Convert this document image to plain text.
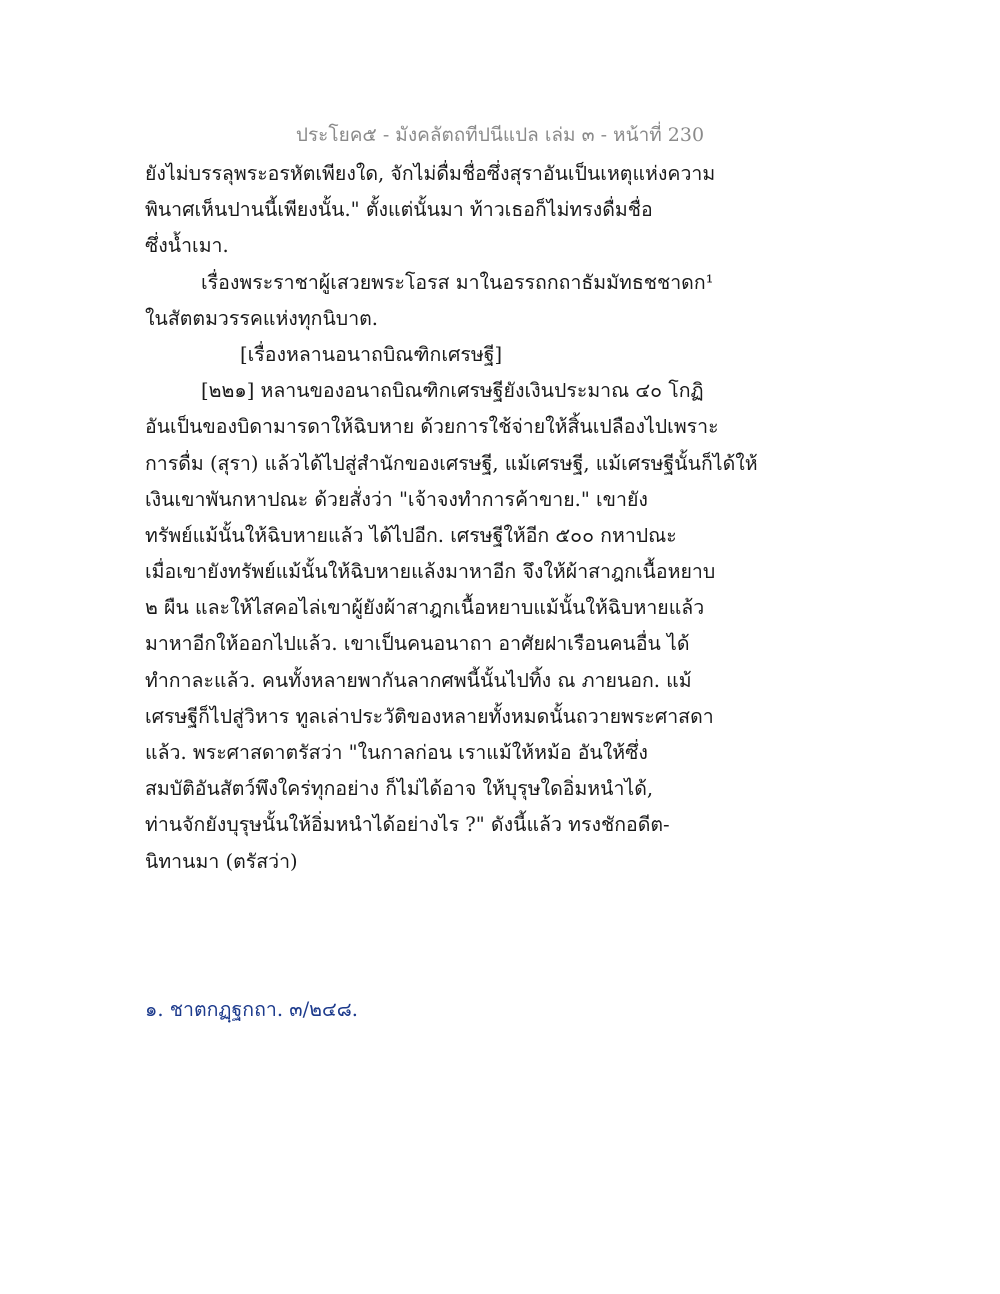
ประโยค๕ - มังคลัตถทีปนีแปล เล่ม ๓ - หน้าที่ 230
ยังไม่บรรลุพระอรหัตเพียงใด, จักไม่ดื่มชื่อซึ่งสุราอันเป็นเหตุแห่งความ
พินาศเห็นปานนี้เพียงนั้น." ตั้งแต่นั้นมา ท้าวเธอก็ไม่ทรงดื่มชื่อ
ซึ่งน้ำเมา.
เรื่องพระราชาผู้เสวยพระโอรส มาในอรรถกถาธัมมัทธชชาดก¹
ในสัตตมวรรคแห่งทุกนิบาต.
[เรื่องหลานอนาถบิณฑิกเศรษฐี]
[๒๒๑] หลานของอนาถบิณฑิกเศรษฐียังเงินประมาณ ๔๐ โกฏิ
อันเป็นของบิดามารดาให้ฉิบหาย ด้วยการใช้จ่ายให้สิ้นเปลืองไปเพราะ
การดื่ม (สุรา) แล้วได้ไปสู่สำนักของเศรษฐี, แม้เศรษฐี, แม้เศรษฐีนั้นก็ได้ให้
เงินเขาพันกหาปณะ ด้วยสั่งว่า "เจ้าจงทำการค้าขาย." เขายัง
ทรัพย์แม้นั้นให้ฉิบหายแล้ว ได้ไปอีก. เศรษฐีให้อีก ๕๐๐ กหาปณะ
เมื่อเขายังทรัพย์แม้นั้นให้ฉิบหายแล้งมาหาอีก จึงให้ผ้าสาฎกเนื้อหยาบ
๒ ผืน และให้ไสคอไล่เขาผู้ยังผ้าสาฎกเนื้อหยาบแม้นั้นให้ฉิบหายแล้ว
มาหาอีกให้ออกไปแล้ว. เขาเป็นคนอนาถา อาศัยฝาเรือนคนอื่น ได้
ทำกาละแล้ว. คนทั้งหลายพากันลากศพนี้นั้นไปทิ้ง ณ ภายนอก. แม้
เศรษฐีก็ไปสู่วิหาร ทูลเล่าประวัติของหลายทั้งหมดนั้นถวายพระศาสดา
แล้ว. พระศาสดาตรัสว่า "ในกาลก่อน เราแม้ให้หม้อ อันให้ซึ่ง
สมบัติอันสัตว์พึงใคร่ทุกอย่าง ก็ไม่ได้อาจ ให้บุรุษใดอิ่มหนำได้,
ท่านจักยังบุรุษนั้นให้อิ่มหนำได้อย่างไร ?" ดังนี้แล้ว ทรงชักอดีต-
นิทานมา (ตรัสว่า)
๑. ชาตกฏฺฐกถา. ๓/๒๔๘.
